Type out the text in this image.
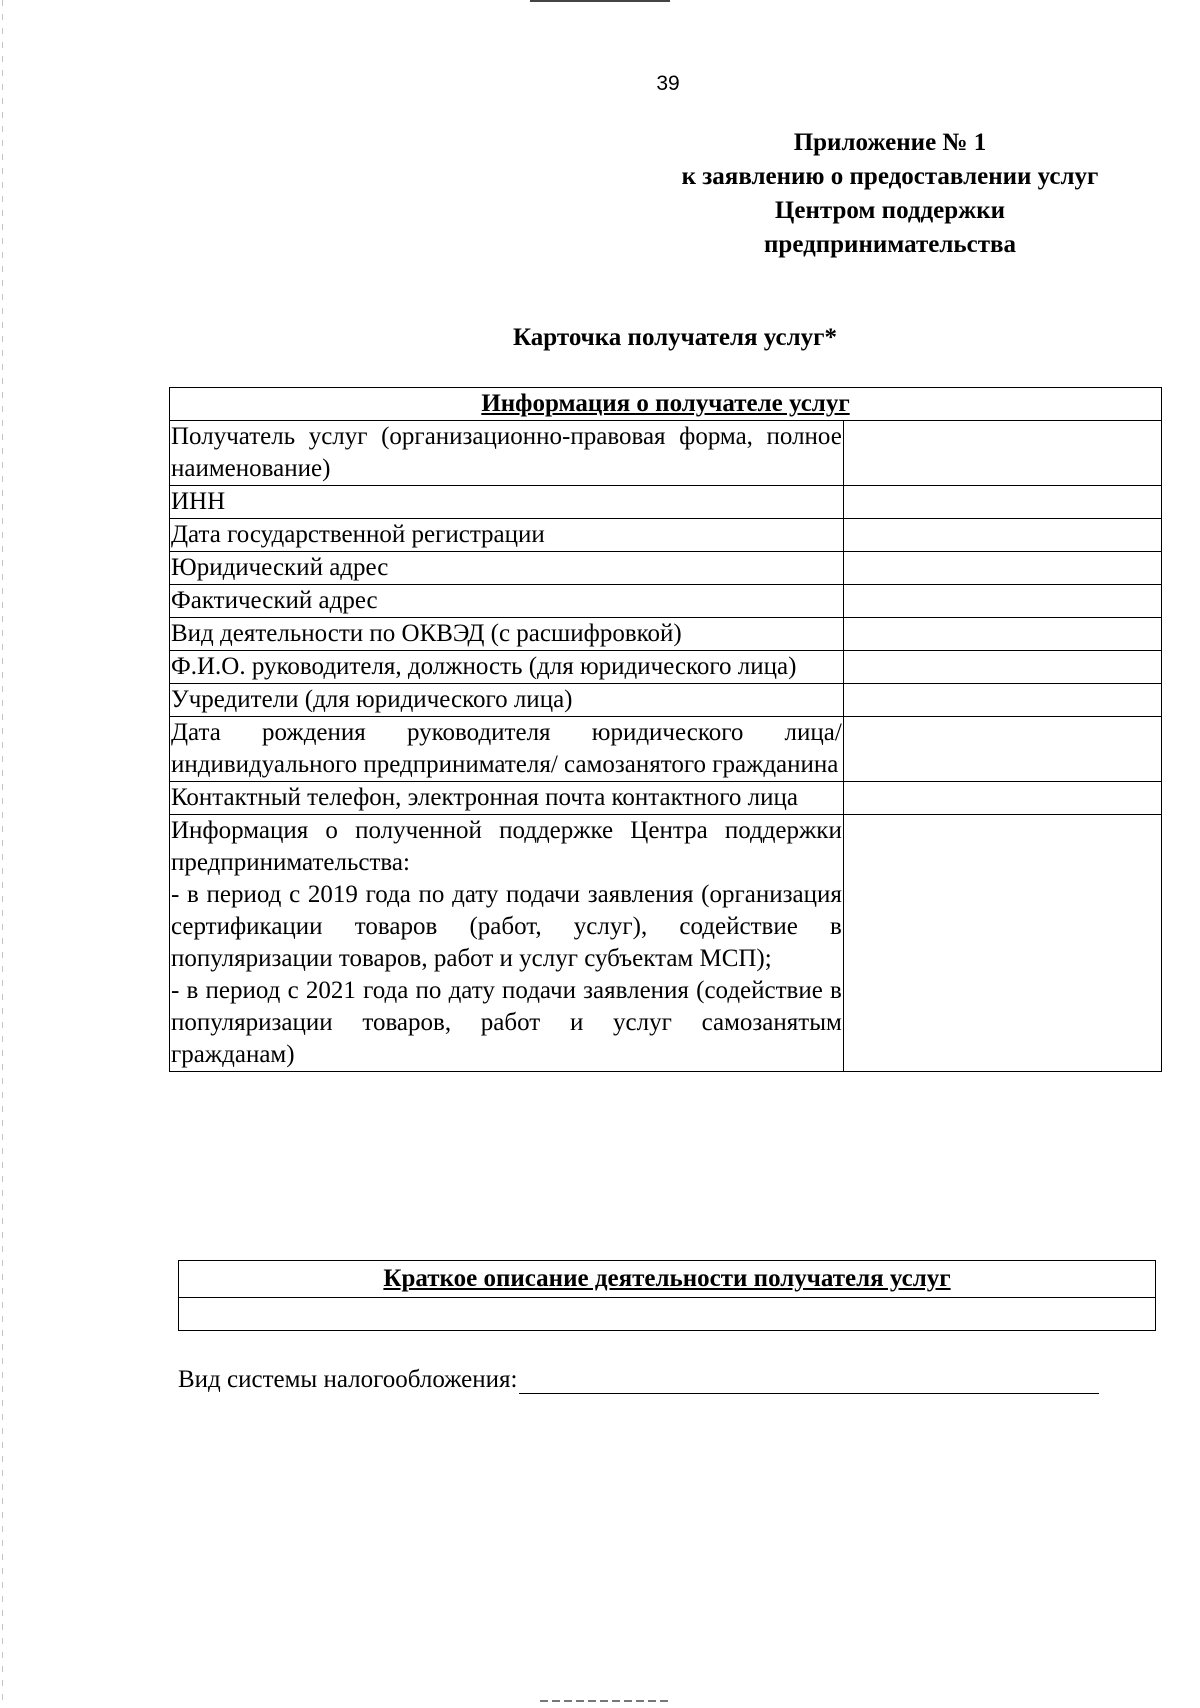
39
Приложение № 1
к заявлению о предоставлении услуг
Центром поддержки
предпринимательства
Карточка получателя услуг*
Информация о получателе услуг	
Получатель услуг (организационно-правовая форма, полное наименование)	
ИНН	
Дата государственной регистрации	
Юридический адрес	
Фактический адрес	
Вид деятельности по ОКВЭД (с расшифровкой)	
Ф.И.О. руководителя, должность (для юридического лица)	
Учредители (для юридического лица)	
Дата рождения руководителя юридического лица/ индивидуального предпринимателя/ самозанятого гражданина	
Контактный телефон, электронная почта контактного лица	

Информация о полученной поддержке Центра поддержки предпринимательства:
- в период с 2019 года по дату подачи заявления (организация сертификации товаров (работ, услуг), содействие в популяризации товаров, работ и услуг субъектам МСП);
- в период с 2021 года по дату подачи заявления (содействие в популяризации товаров, работ и услуг самозанятым гражданам)	

Краткое описание деятельности получателя услуг

Вид системы налогообложения:
